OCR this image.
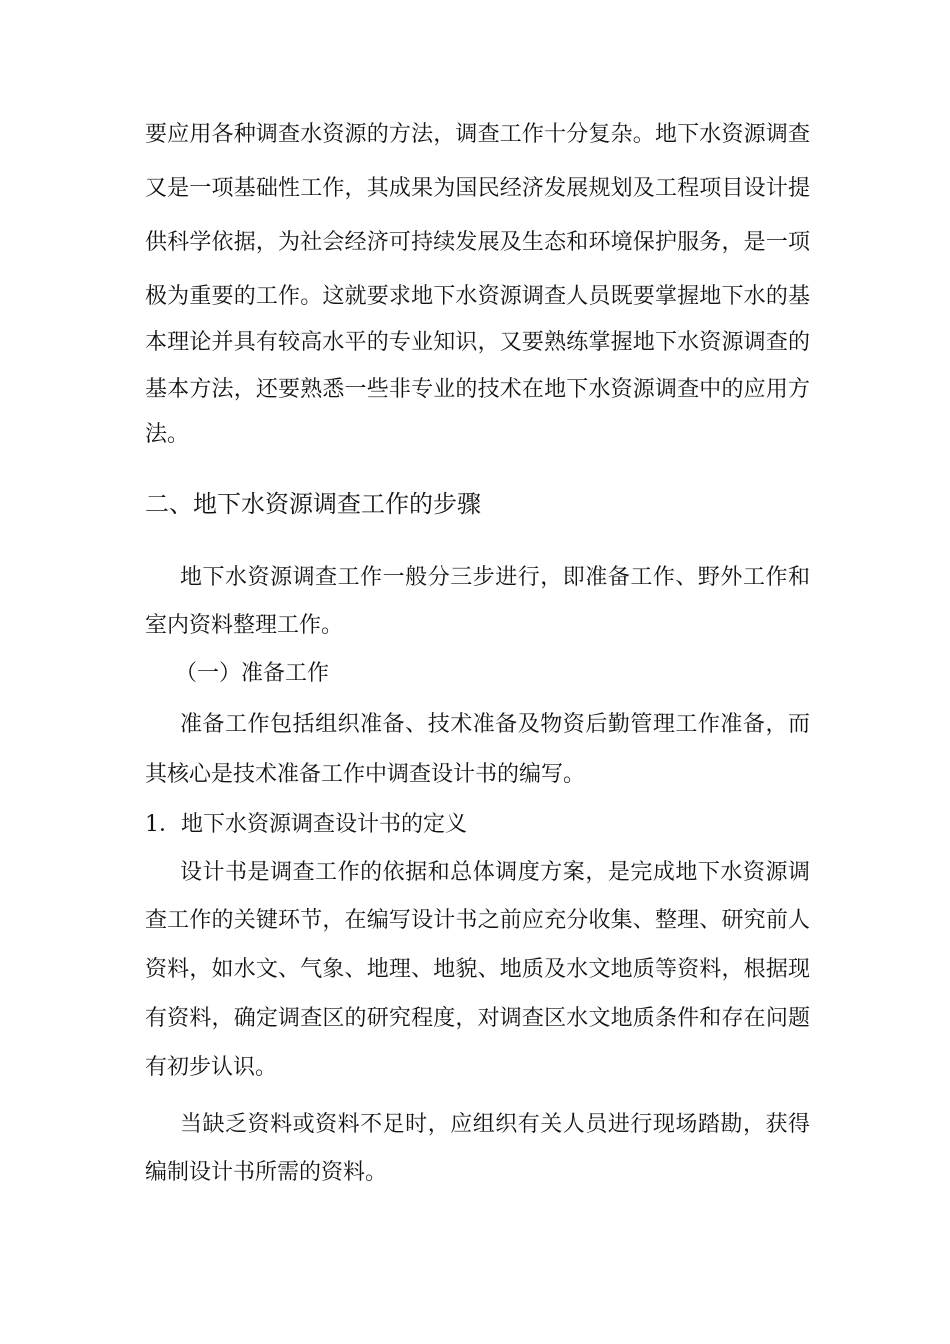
要应用各种调查水资源的方法，调查工作十分复杂。地下水资源调查
又是一项基础性工作，其成果为国民经济发展规划及工程项目设计提
供科学依据，为社会经济可持续发展及生态和环境保护服务，是一项
极为重要的工作。这就要求地下水资源调查人员既要掌握地下水的基
本理论并具有较高水平的专业知识，又要熟练掌握地下水资源调查的
基本方法，还要熟悉一些非专业的技术在地下水资源调查中的应用方
法。
二、地下水资源调查工作的步骤
地下水资源调查工作一般分三步进行，即准备工作、野外工作和
室内资料整理工作。
（一）准备工作
准备工作包括组织准备、技术准备及物资后勤管理工作准备，而
其核心是技术准备工作中调查设计书的编写。
1．地下水资源调查设计书的定义
设计书是调查工作的依据和总体调度方案，是完成地下水资源调
查工作的关键环节，在编写设计书之前应充分收集、整理、研究前人
资料，如水文、气象、地理、地貌、地质及水文地质等资料，根据现
有资料，确定调查区的研究程度，对调查区水文地质条件和存在问题
有初步认识。
当缺乏资料或资料不足时，应组织有关人员进行现场踏勘，获得
编制设计书所需的资料。
